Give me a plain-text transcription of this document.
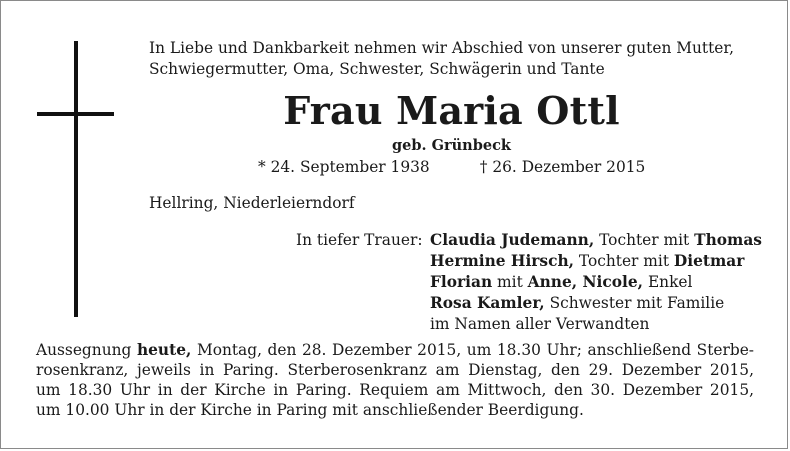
In Liebe und Dankbarkeit nehmen wir Abschied von unserer guten Mutter,
Schwiegermutter, Oma, Schwester, Schwägerin und Tante

Frau Maria Ottl
geb. Grünbeck
* 24. September 1938	† 26. Dezember 2015

Hellring, Niederleierndorf

In tiefer Trauer: Claudia Judemann, Tochter mit Thomas
Hermine Hirsch, Tochter mit Dietmar
Florian mit Anne, Nicole, Enkel
Rosa Kamler, Schwester mit Familie
im Namen aller Verwandten

Aussegnung heute, Montag, den 28. Dezember 2015, um 18.30 Uhr; anschließend Sterbe-
rosenkranz, jeweils in Paring. Sterberosenkranz am Dienstag, den 29. Dezember 2015,
um 18.30 Uhr in der Kirche in Paring. Requiem am Mittwoch, den 30. Dezember 2015,
um 10.00 Uhr in der Kirche in Paring mit anschließender Beerdigung.
